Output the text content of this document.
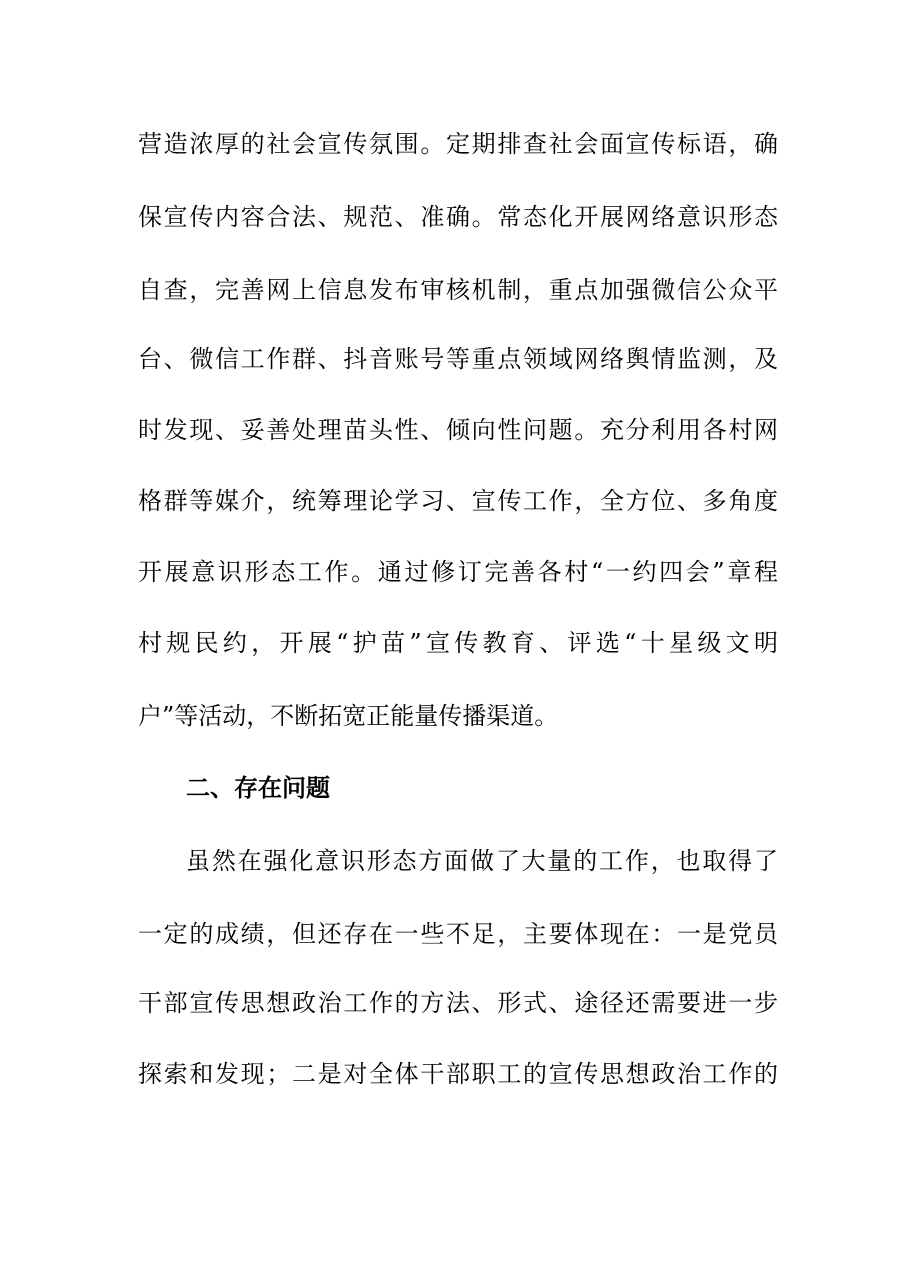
营造浓厚的社会宣传氛围。定期排查社会面宣传标语，确
保宣传内容合法、规范、准确。常态化开展网络意识形态
自查，完善网上信息发布审核机制，重点加强微信公众平
台、微信工作群、抖音账号等重点领域网络舆情监测，及
时发现、妥善处理苗头性、倾向性问题。充分利用各村网
格群等媒介，统筹理论学习、宣传工作，全方位、多角度
开展意识形态工作。通过修订完善各村“一约四会”章程
村规民约，开展“护苗”宣传教育、评选“十星级文明
户”等活动，不断拓宽正能量传播渠道。
二、存在问题
虽然在强化意识形态方面做了大量的工作，也取得了
一定的成绩，但还存在一些不足，主要体现在：一是党员
干部宣传思想政治工作的方法、形式、途径还需要进一步
探索和发现；二是对全体干部职工的宣传思想政治工作的
